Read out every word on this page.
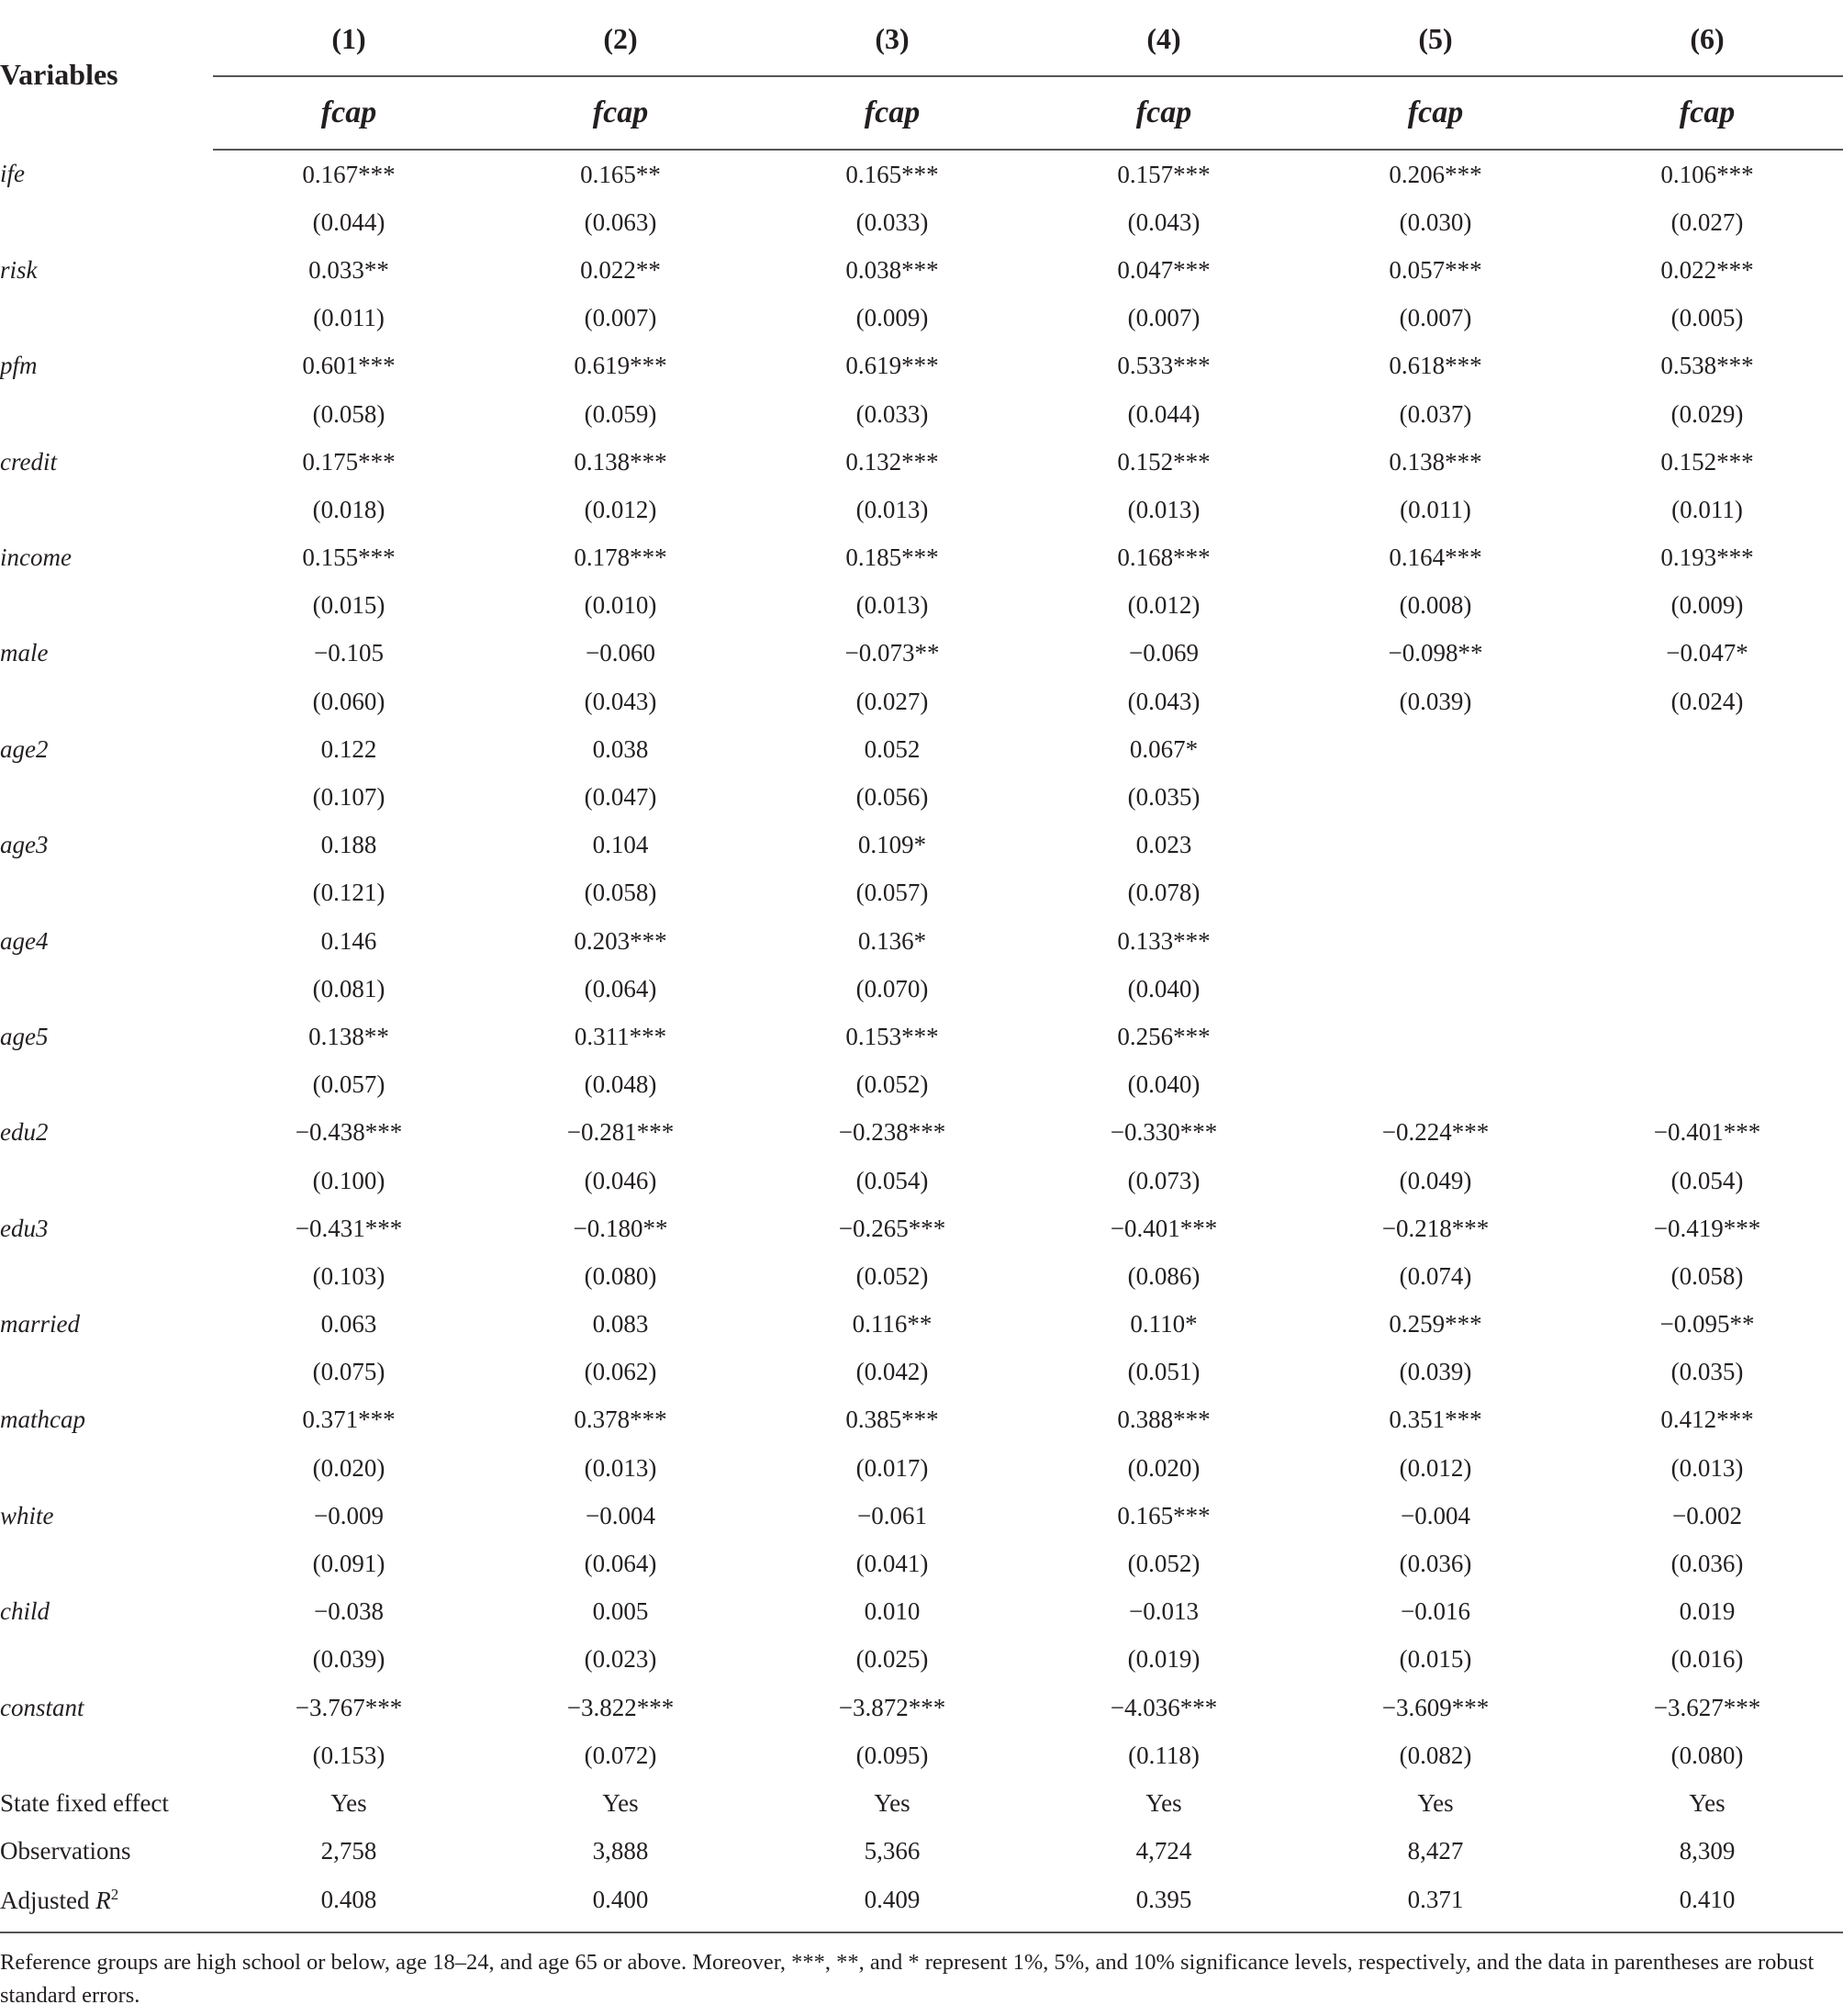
Variables	(1)	(2)	(3)	(4)	(5)	(6)
	fcap	fcap	fcap	fcap	fcap	fcap
ife	0.167***	0.165**	0.165***	0.157***	0.206***	0.106***
	(0.044)	(0.063)	(0.033)	(0.043)	(0.030)	(0.027)
risk	0.033**	0.022**	0.038***	0.047***	0.057***	0.022***
	(0.011)	(0.007)	(0.009)	(0.007)	(0.007)	(0.005)
pfm	0.601***	0.619***	0.619***	0.533***	0.618***	0.538***
	(0.058)	(0.059)	(0.033)	(0.044)	(0.037)	(0.029)
credit	0.175***	0.138***	0.132***	0.152***	0.138***	0.152***
	(0.018)	(0.012)	(0.013)	(0.013)	(0.011)	(0.011)
income	0.155***	0.178***	0.185***	0.168***	0.164***	0.193***
	(0.015)	(0.010)	(0.013)	(0.012)	(0.008)	(0.009)
male	−0.105	−0.060	−0.073**	−0.069	−0.098**	−0.047*
	(0.060)	(0.043)	(0.027)	(0.043)	(0.039)	(0.024)
age2	0.122	0.038	0.052	0.067*		
	(0.107)	(0.047)	(0.056)	(0.035)		
age3	0.188	0.104	0.109*	0.023		
	(0.121)	(0.058)	(0.057)	(0.078)		
age4	0.146	0.203***	0.136*	0.133***		
	(0.081)	(0.064)	(0.070)	(0.040)		
age5	0.138**	0.311***	0.153***	0.256***		
	(0.057)	(0.048)	(0.052)	(0.040)		
edu2	−0.438***	−0.281***	−0.238***	−0.330***	−0.224***	−0.401***
	(0.100)	(0.046)	(0.054)	(0.073)	(0.049)	(0.054)
edu3	−0.431***	−0.180**	−0.265***	−0.401***	−0.218***	−0.419***
	(0.103)	(0.080)	(0.052)	(0.086)	(0.074)	(0.058)
married	0.063	0.083	0.116**	0.110*	0.259***	−0.095**
	(0.075)	(0.062)	(0.042)	(0.051)	(0.039)	(0.035)
mathcap	0.371***	0.378***	0.385***	0.388***	0.351***	0.412***
	(0.020)	(0.013)	(0.017)	(0.020)	(0.012)	(0.013)
white	−0.009	−0.004	−0.061	0.165***	−0.004	−0.002
	(0.091)	(0.064)	(0.041)	(0.052)	(0.036)	(0.036)
child	−0.038	0.005	0.010	−0.013	−0.016	0.019
	(0.039)	(0.023)	(0.025)	(0.019)	(0.015)	(0.016)
constant	−3.767***	−3.822***	−3.872***	−4.036***	−3.609***	−3.627***
	(0.153)	(0.072)	(0.095)	(0.118)	(0.082)	(0.080)
State fixed effect	Yes	Yes	Yes	Yes	Yes	Yes
Observations	2,758	3,888	5,366	4,724	8,427	8,309
Adjusted $R^2$	0.408	0.400	0.409	0.395	0.371	0.410
Reference groups are high school or below, age 18–24, and age 65 or above. Moreover, ***, **, and * represent 1%, 5%, and 10% significance levels, respectively, and the data in parentheses are robust standard errors.
